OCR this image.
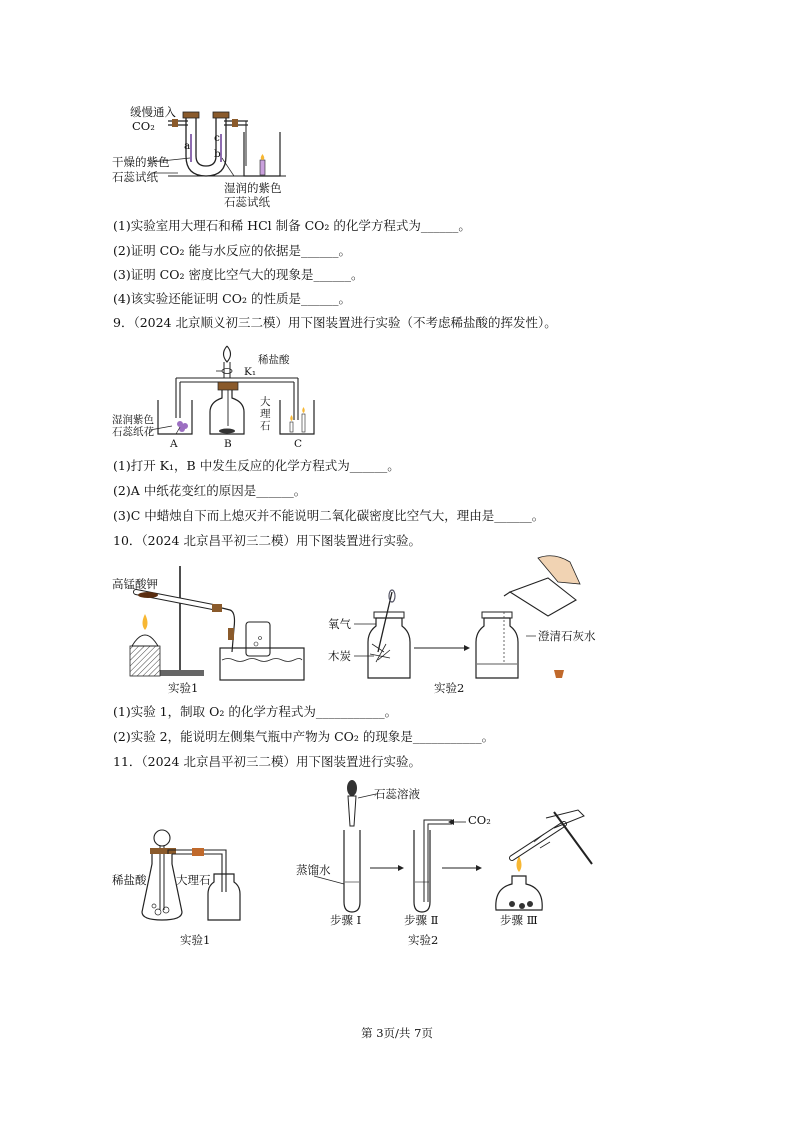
缓慢通入
CO₂
干燥的紫色
石蕊试纸
湿润的紫色
石蕊试纸
a
b
c
(1)实验室用大理石和稀 HCl 制备 CO₂ 的化学方程式为______。
(2)证明 CO₂ 能与水反应的依据是______。
(3)证明 CO₂ 密度比空气大的现象是______。
(4)该实验还能证明 CO₂ 的性质是______。
9．（2024 北京顺义初三二模）用下图装置进行实验（不考虑稀盐酸的挥发性）。
稀盐酸
K₁
大
理
石
湿润紫色
石蕊纸花
A	B	C
(1)打开 K₁，B 中发生反应的化学方程式为______。
(2)A 中纸花变红的原因是______。
(3)C 中蜡烛自下而上熄灭并不能说明二氧化碳密度比空气大，理由是______。
10．（2024 北京昌平初三二模）用下图装置进行实验。
高锰酸钾
氧气
木炭
澄清石灰水
实验1	实验2
(1)实验 1，制取 O₂ 的化学方程式为___________。
(2)实验 2，能说明左侧集气瓶中产物为 CO₂ 的现象是___________。
11．（2024 北京昌平初三二模）用下图装置进行实验。
石蕊溶液
CO₂
蒸馏水
稀盐酸	大理石
步骤 Ⅰ	步骤 Ⅱ	步骤 Ⅲ
实验1	实验2
第 3页/共 7页
